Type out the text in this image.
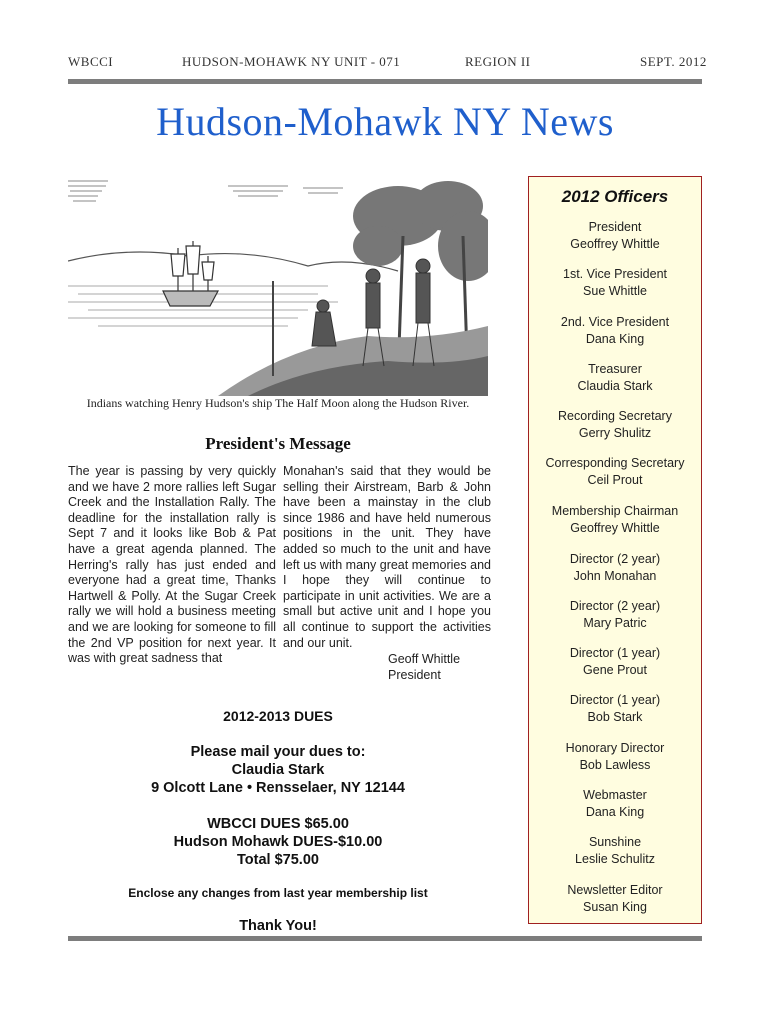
WBCCI	HUDSON-MOHAWK NY UNIT - 071	REGION II	SEPT. 2012
Hudson-Mohawk NY News
Indians watching Henry Hudson's ship The Half Moon along the Hudson River.
President's Message
The year is passing by very quickly and we have 2 more rallies left Sugar Creek and the Installation Rally. The deadline for the installation rally is Sept 7 and it looks like Bob & Pat have a great agenda planned. The Herring's rally has just ended and everyone had a great time, Thanks Hartwell & Polly. At the Sugar Creek rally we will hold a business meeting and we are looking for someone to fill the 2nd VP position for next year. It was with great sadness that
Monahan's said that they would be selling their Airstream, Barb & John have been a mainstay in the club since 1986 and have held numerous positions in the unit. They have added so much to the unit and have left us with many great memories and I hope they will continue to participate in unit activities. We are a small but active unit and I hope you all continue to support the activities and our unit.
Geoff Whittle
President
2012-2013 DUES
Please mail your dues to:
Claudia Stark
9 Olcott Lane • Rensselaer, NY 12144
WBCCI DUES $65.00
Hudson Mohawk DUES-$10.00
Total $75.00
Enclose any changes from last year membership list
Thank You!
2012 Officers
President
Geoffrey Whittle
1st. Vice President
Sue Whittle
2nd. Vice President
Dana King
Treasurer
Claudia Stark
Recording Secretary
Gerry Shulitz
Corresponding Secretary
Ceil Prout
Membership Chairman
Geoffrey Whittle
Director (2 year)
John Monahan
Director (2 year)
Mary Patric
Director (1 year)
Gene Prout
Director (1 year)
Bob Stark
Honorary Director
Bob Lawless
Webmaster
Dana King
Sunshine
Leslie Schulitz
Newsletter Editor
Susan King
